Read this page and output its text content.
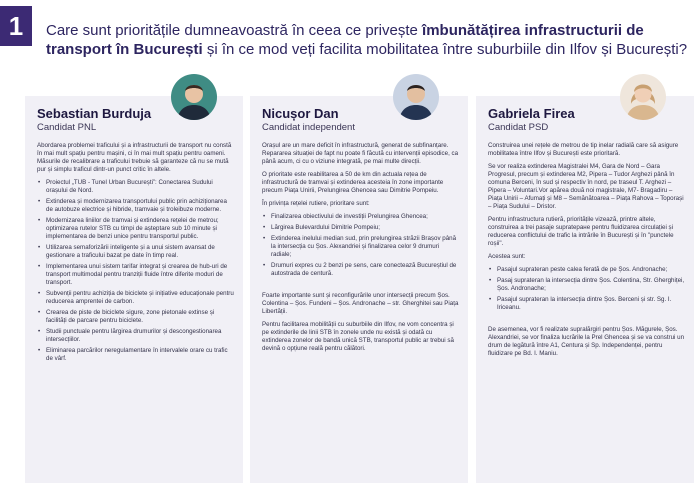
1	Care sunt prioritățile dumneavoastră în ceea ce privește îmbunătățirea infrastructurii de transport în București și în ce mod veți facilita mobilitatea între suburbiile din Ilfov și București?
Sebastian Burduja
Candidat PNL

Abordarea problemei traficului și a infrastructurii de transport nu constă în mai mult spațiu pentru mașini, ci în mai mult spațiu pentru oameni. Măsurile de recalibrare a traficului trebuie să garanteze că nu se mută pur și simplu traficul dintr-un punct critic în altele.

• Proiectul „TUB - Tunel Urban București”: Conectarea Sudului orașului de Nord.
• Extinderea și modernizarea transportului public prin achiziționarea de autobuze electrice și hibride, tramvaie și troleibuze moderne.
• Modernizarea liniilor de tramvai și extinderea rețelei de metrou; optimizarea rutelor STB cu timpi de așteptare sub 10 minute și implementarea de benzi unice pentru transportul public.
• Utilizarea semaforizării inteligente și a unui sistem avansat de gestionare a traficului bazat pe date în timp real.
• Implementarea unui sistem tarifar integrat și crearea de hub-uri de transport multimodal pentru tranziții fluide între diferite moduri de transport.
• Subvenții pentru achiziția de biciclete și inițiative educaționale pentru reducerea amprentei de carbon.
• Crearea de piste de biciclete sigure, zone pietonale extinse și facilități de parcare pentru biciclete.
• Studii punctuale pentru lărgirea drumurilor și descongestionarea intersecțiilor.
• Eliminarea parcărilor neregulamentare în intervalele orare cu trafic de vârf.
Nicușor Dan
Candidat independent

Orașul are un mare deficit în infrastructură, generat de subfinanțare. Repararea situației de fapt nu poate fi făcută cu intervenții episodice, ca până acum, ci cu o viziune integrată, pe mai multe direcții.

O prioritate este reabilitarea a 50 de km din actuala rețea de infrastructură de tramvai și extinderea acesteia în zone importante precum Piața Unirii, Prelungirea Ghencea sau Dimitrie Pompeiu.

În privința rețelei rutiere, prioritare sunt:

• Finalizarea obiectivului de investiții Prelungirea Ghencea;
• Lărgirea Bulevardului Dimitrie Pompeiu;
• Extinderea inelului median sud, prin prelungirea străzii Brașov până la intersecția cu Șos. Alexandriei și finalizarea celor 9 drumuri radiale;
• Drumuri expres cu 2 benzi pe sens, care conectează Bucureștiul de autostrada de centură.

Foarte importante sunt și reconfigurările unor intersecții precum Șos. Colentina – Șos. Fundeni – Șos. Andronache – str. Gherghitei sau Piața Libertății.

Pentru facilitarea mobilității cu suburbiile din Ilfov, ne vom concentra și pe extinderile de linii STB în zonele unde nu există și odată cu extinderea zonelor de bandă unică STB, transportul public ar trebui să devină o opțiune reală pentru călători.

Gabriela Firea
Candidat PSD

Construirea unei rețele de metrou de tip inelar radială care să asigure mobilitatea între Ilfov și București este prioritară.

Se vor realiza extinderea Magistralei M4, Gara de Nord – Gara Progresul, precum și extinderea M2, Pipera – Tudor Arghezi până în comuna Berceni, în sud și respectiv în nord, pe traseul T. Arghezi – Pipera – Voluntari.Vor apărea două noi magistrale, M7- Bragadiru – Piața Unirii – Afumați și M8 – Semănătoarea – Piața Rahova – Toporași – Piața Sudului – Dristor.

Pentru infrastructura rutieră, prioritățile vizează, printre altele, construirea a trei pasaje suprateране pentru fluidizarea circulației și reducerea conflictului de trafic la intrările în București și în "punctele roșii".

Acestea sunt:

• Pasajul suprateran peste calea ferată de pe Șos. Andronache;
• Pasaj suprateran la intersecția dintre Șos. Colentina, Str. Gherghiței, Șos. Andronache;
• Pasajul suprateran la intersecția dintre Șos. Berceni și str. Sg. I. Iriceanu.

De asemenea, vor fi realizate supralărgiri pentru Șos. Măgurele, Șos. Alexandriei, se vor finaliza lucrările la Prel Ghencea și se va construi un drum de legătură între A1, Centura și Sp. Independenței, pentru fluidizare pe Bd. I. Maniu.
